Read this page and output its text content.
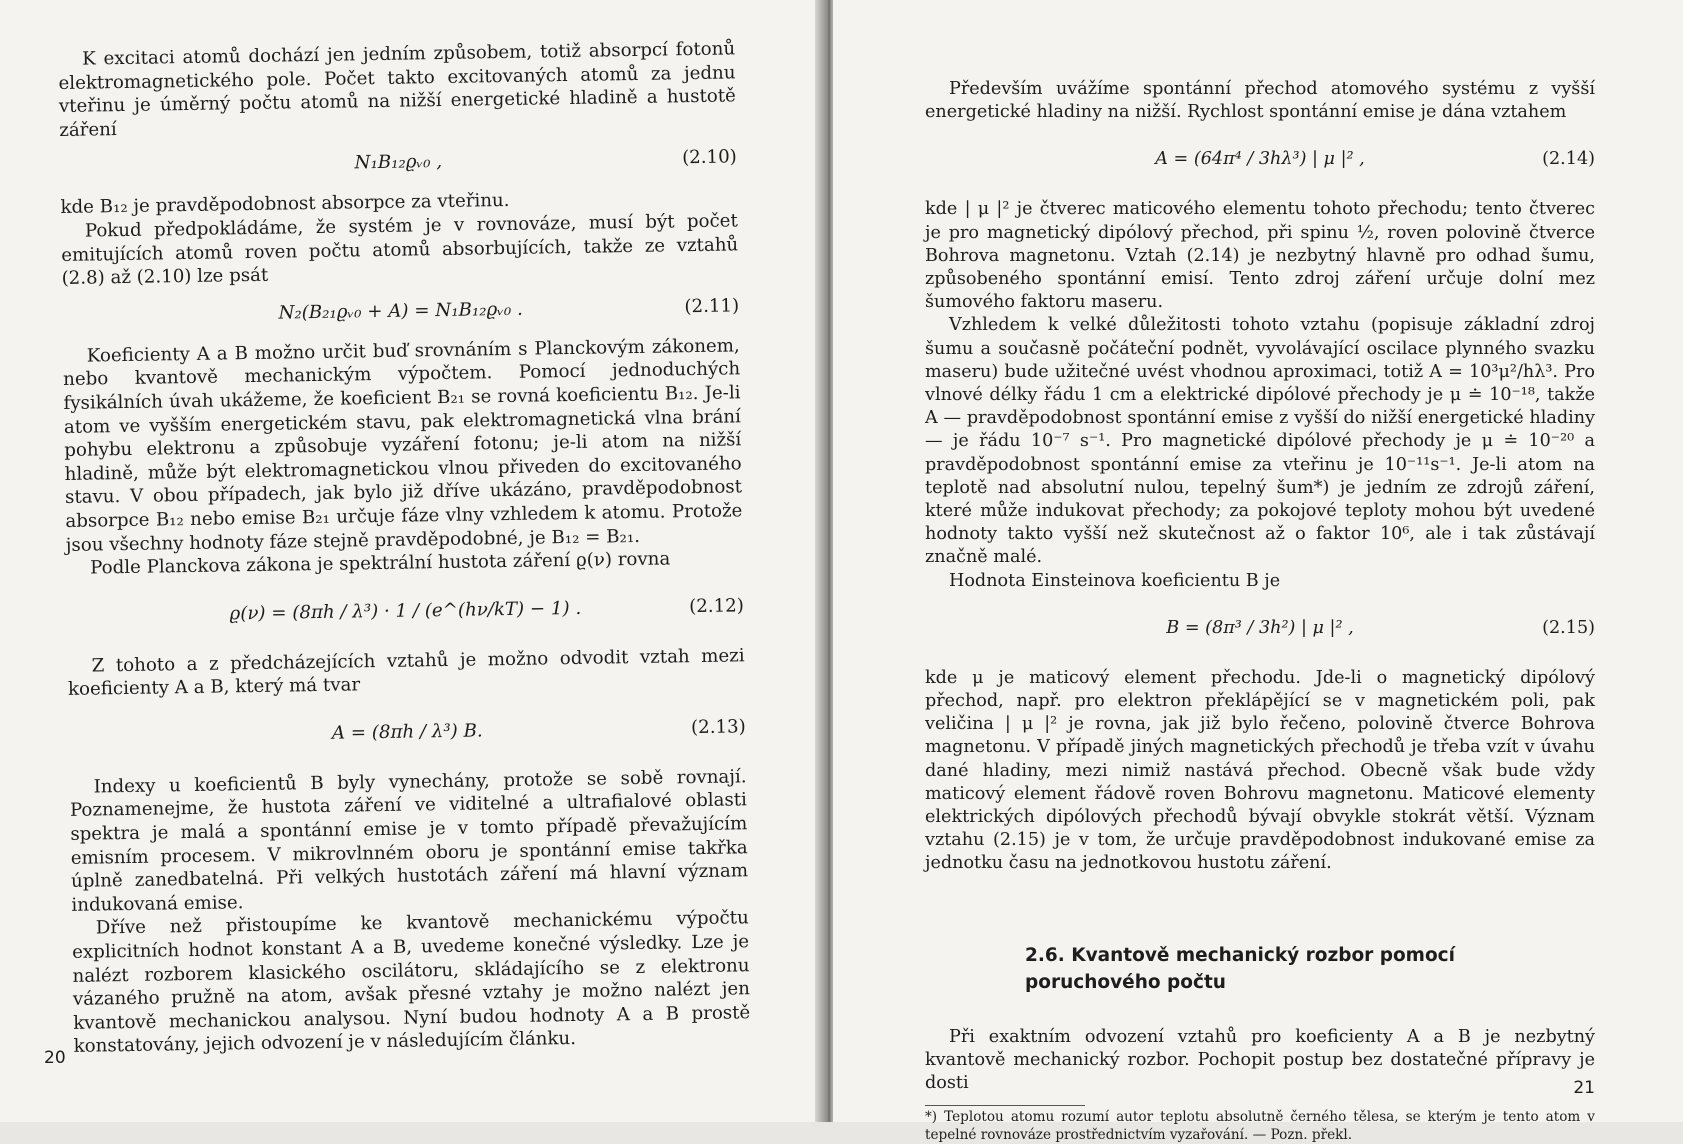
K excitaci atomů dochází jen jedním způsobem, totiž absorpcí fotonů elektromagnetického pole. Počet takto excitovaných atomů za jednu vteřinu je úměrný počtu atomů na nižší energetické hladině a hustotě záření

N₁B₁₂ϱᵥ₀ ,	(2.10)

kde B₁₂ je pravděpodobnost absorpce za vteřinu.

Pokud předpokládáme, že systém je v rovnováze, musí být počet emitujících atomů roven počtu atomů absorbujících, takže ze vztahů (2.8) až (2.10) lze psát

N₂(B₂₁ϱᵥ₀ + A) = N₁B₁₂ϱᵥ₀ .	(2.11)

Koeficienty A a B možno určit buď srovnáním s Planckovým zákonem, nebo kvantově mechanickým výpočtem. Pomocí jednoduchých fysikálních úvah ukážeme, že koeficient B₂₁ se rovná koeficientu B₁₂. Je-li atom ve vyšším energetickém stavu, pak elektromagnetická vlna brání pohybu elektronu a způsobuje vyzáření fotonu; je-li atom na nižší hladině, může být elektromagnetickou vlnou přiveden do excitovaného stavu. V obou případech, jak bylo již dříve ukázáno, pravděpodobnost absorpce B₁₂ nebo emise B₂₁ určuje fáze vlny vzhledem k atomu. Protože jsou všechny hodnoty fáze stejně pravděpodobné, je B₁₂ = B₂₁.

Podle Planckova zákona je spektrální hustota záření ϱ(ν) rovna

ϱ(ν) = (8πh / λ³) · 1 / (e^(hν/kT) − 1) .	(2.12)

Z tohoto a z předcházejících vztahů je možno odvodit vztah mezi koeficienty A a B, který má tvar

A = (8πh / λ³) B.	(2.13)

Indexy u koeficientů B byly vynechány, protože se sobě rovnají. Poznamenejme, že hustota záření ve viditelné a ultrafialové oblasti spektra je malá a spontánní emise je v tomto případě převažujícím emisním procesem. V mikrovlnném oboru je spontánní emise takřka úplně zanedbatelná. Při velkých hustotách záření má hlavní význam indukovaná emise.

Dříve než přistoupíme ke kvantově mechanickému výpočtu explicitních hodnot konstant A a B, uvedeme konečné výsledky. Lze je nalézt rozborem klasického oscilátoru, skládajícího se z elektronu vázaného pružně na atom, avšak přesné vztahy je možno nalézt jen kvantově mechanickou analysou. Nyní budou hodnoty A a B prostě konstatovány, jejich odvození je v následujícím článku.

20

Především uvážíme spontánní přechod atomového systému z vyšší energetické hladiny na nižší. Rychlost spontánní emise je dána vztahem

A = (64π⁴ / 3hλ³) | μ |² ,	(2.14)

kde | μ |² je čtverec maticového elementu tohoto přechodu; tento čtverec je pro magnetický dipólový přechod, při spinu ½, roven polovině čtverce Bohrova magnetonu. Vztah (2.14) je nezbytný hlavně pro odhad šumu, způsobeného spontánní emisí. Tento zdroj záření určuje dolní mez šumového faktoru maseru.

Vzhledem k velké důležitosti tohoto vztahu (popisuje základní zdroj šumu a současně počáteční podnět, vyvolávající oscilace plynného svazku maseru) bude užitečné uvést vhodnou aproximaci, totiž A = 10³μ²/hλ³. Pro vlnové délky řádu 1 cm a elektrické dipólové přechody je μ ≐ 10⁻¹⁸, takže A — pravděpodobnost spontánní emise z vyšší do nižší energetické hladiny — je řádu 10⁻⁷ s⁻¹. Pro magnetické dipólové přechody je μ ≐ 10⁻²⁰ a pravděpodobnost spontánní emise za vteřinu je 10⁻¹¹s⁻¹. Je-li atom na teplotě nad absolutní nulou, tepelný šum*) je jedním ze zdrojů záření, které může indukovat přechody; za pokojové teploty mohou být uvedené hodnoty takto vyšší než skutečnost až o faktor 10⁶, ale i tak zůstávají značně malé.

Hodnota Einsteinova koeficientu B je

B = (8π³ / 3h²) | μ |² ,	(2.15)

kde μ je maticový element přechodu. Jde-li o magnetický dipólový přechod, např. pro elektron překlápějící se v magnetickém poli, pak veličina | μ |² je rovna, jak již bylo řečeno, polovině čtverce Bohrova magnetonu. V případě jiných magnetických přechodů je třeba vzít v úvahu dané hladiny, mezi nimiž nastává přechod. Obecně však bude vždy maticový element řádově roven Bohrovu magnetonu. Maticové elementy elektrických dipólových přechodů bývají obvykle stokrát větší. Význam vztahu (2.15) je v tom, že určuje pravděpodobnost indukované emise za jednotku času na jednotkovou hustotu záření.

2.6. Kvantově mechanický rozbor pomocí poruchového počtu

Při exaktním odvození vztahů pro koeficienty A a B je nezbytný kvantově mechanický rozbor. Pochopit postup bez dostatečné přípravy je dosti

*) Teplotou atomu rozumí autor teplotu absolutně černého tělesa, se kterým je tento atom v tepelné rovnováze prostřednictvím vyzařování. — Pozn. překl.
21
